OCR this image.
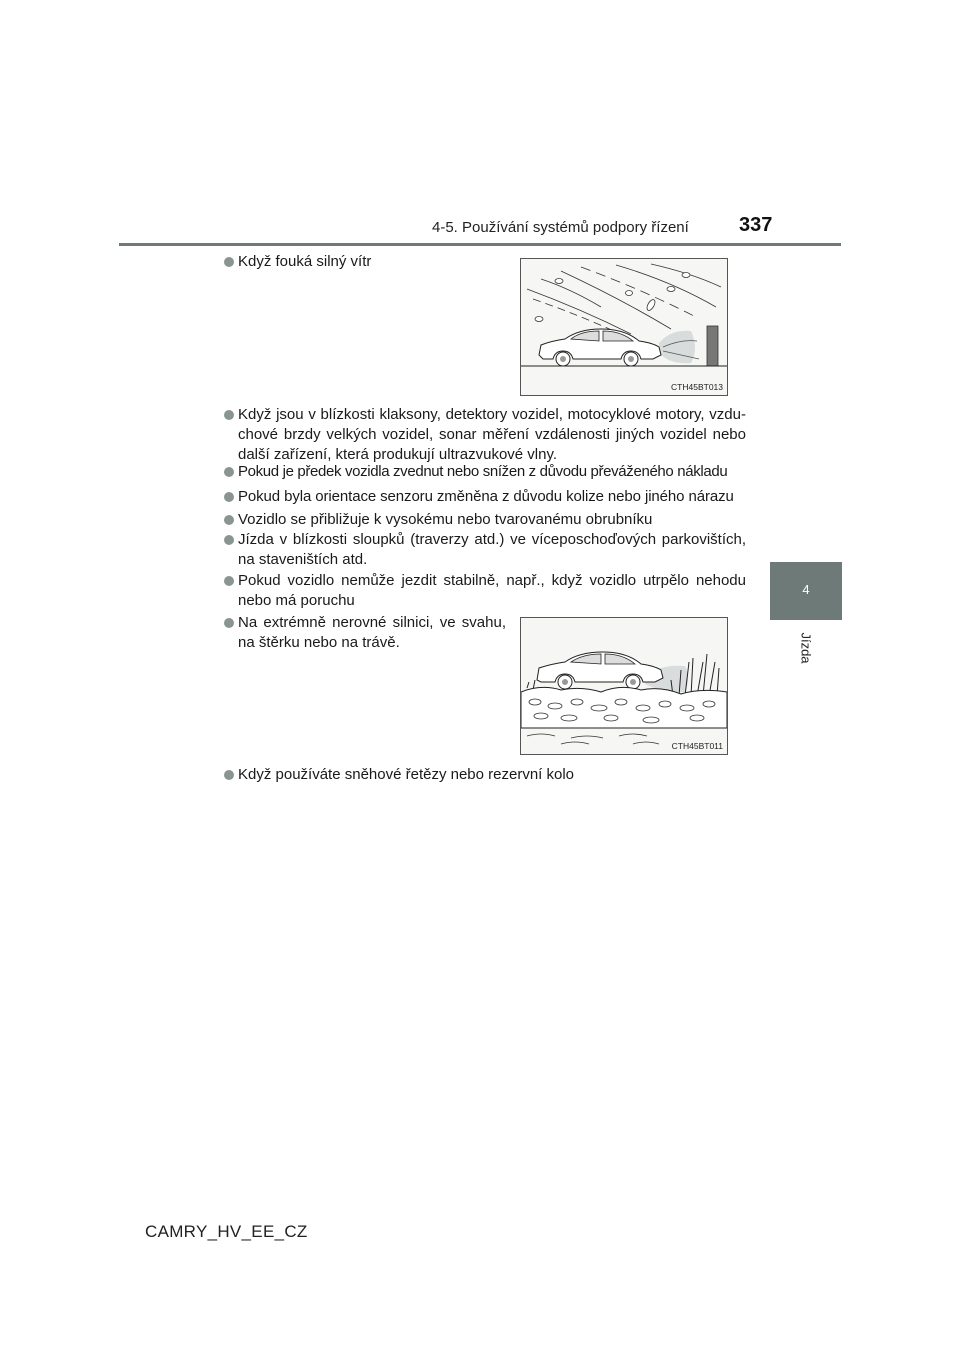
4-5. Používání systémů podpory řízení	337
4
Jízda
Když fouká silný vítr
CTH45BT013
Když jsou v blízkosti klaksony, detektory vozidel, motocyklové motory, vzduchové brzdy velkých vozidel, sonar měření vzdálenosti jiných vozidel nebo další zařízení, která produkují ultrazvukové vlny.
Pokud je předek vozidla zvednut nebo snížen z důvodu převáženého nákladu
Pokud byla orientace senzoru změněna z důvodu kolize nebo jiného nárazu
Vozidlo se přibližuje k vysokému nebo tvarovanému obrubníku
Jízda v blízkosti sloupků (traverzy atd.) ve víceposchoďových parkovištích, na staveništích atd.
Pokud vozidlo nemůže jezdit stabilně, např., když vozidlo utrpělo nehodu nebo má poruchu
Na extrémně nerovné silnici, ve svahu, na štěrku nebo na trávě.
CTH45BT011
Když používáte sněhové řetězy nebo rezervní kolo
CAMRY_HV_EE_CZ
